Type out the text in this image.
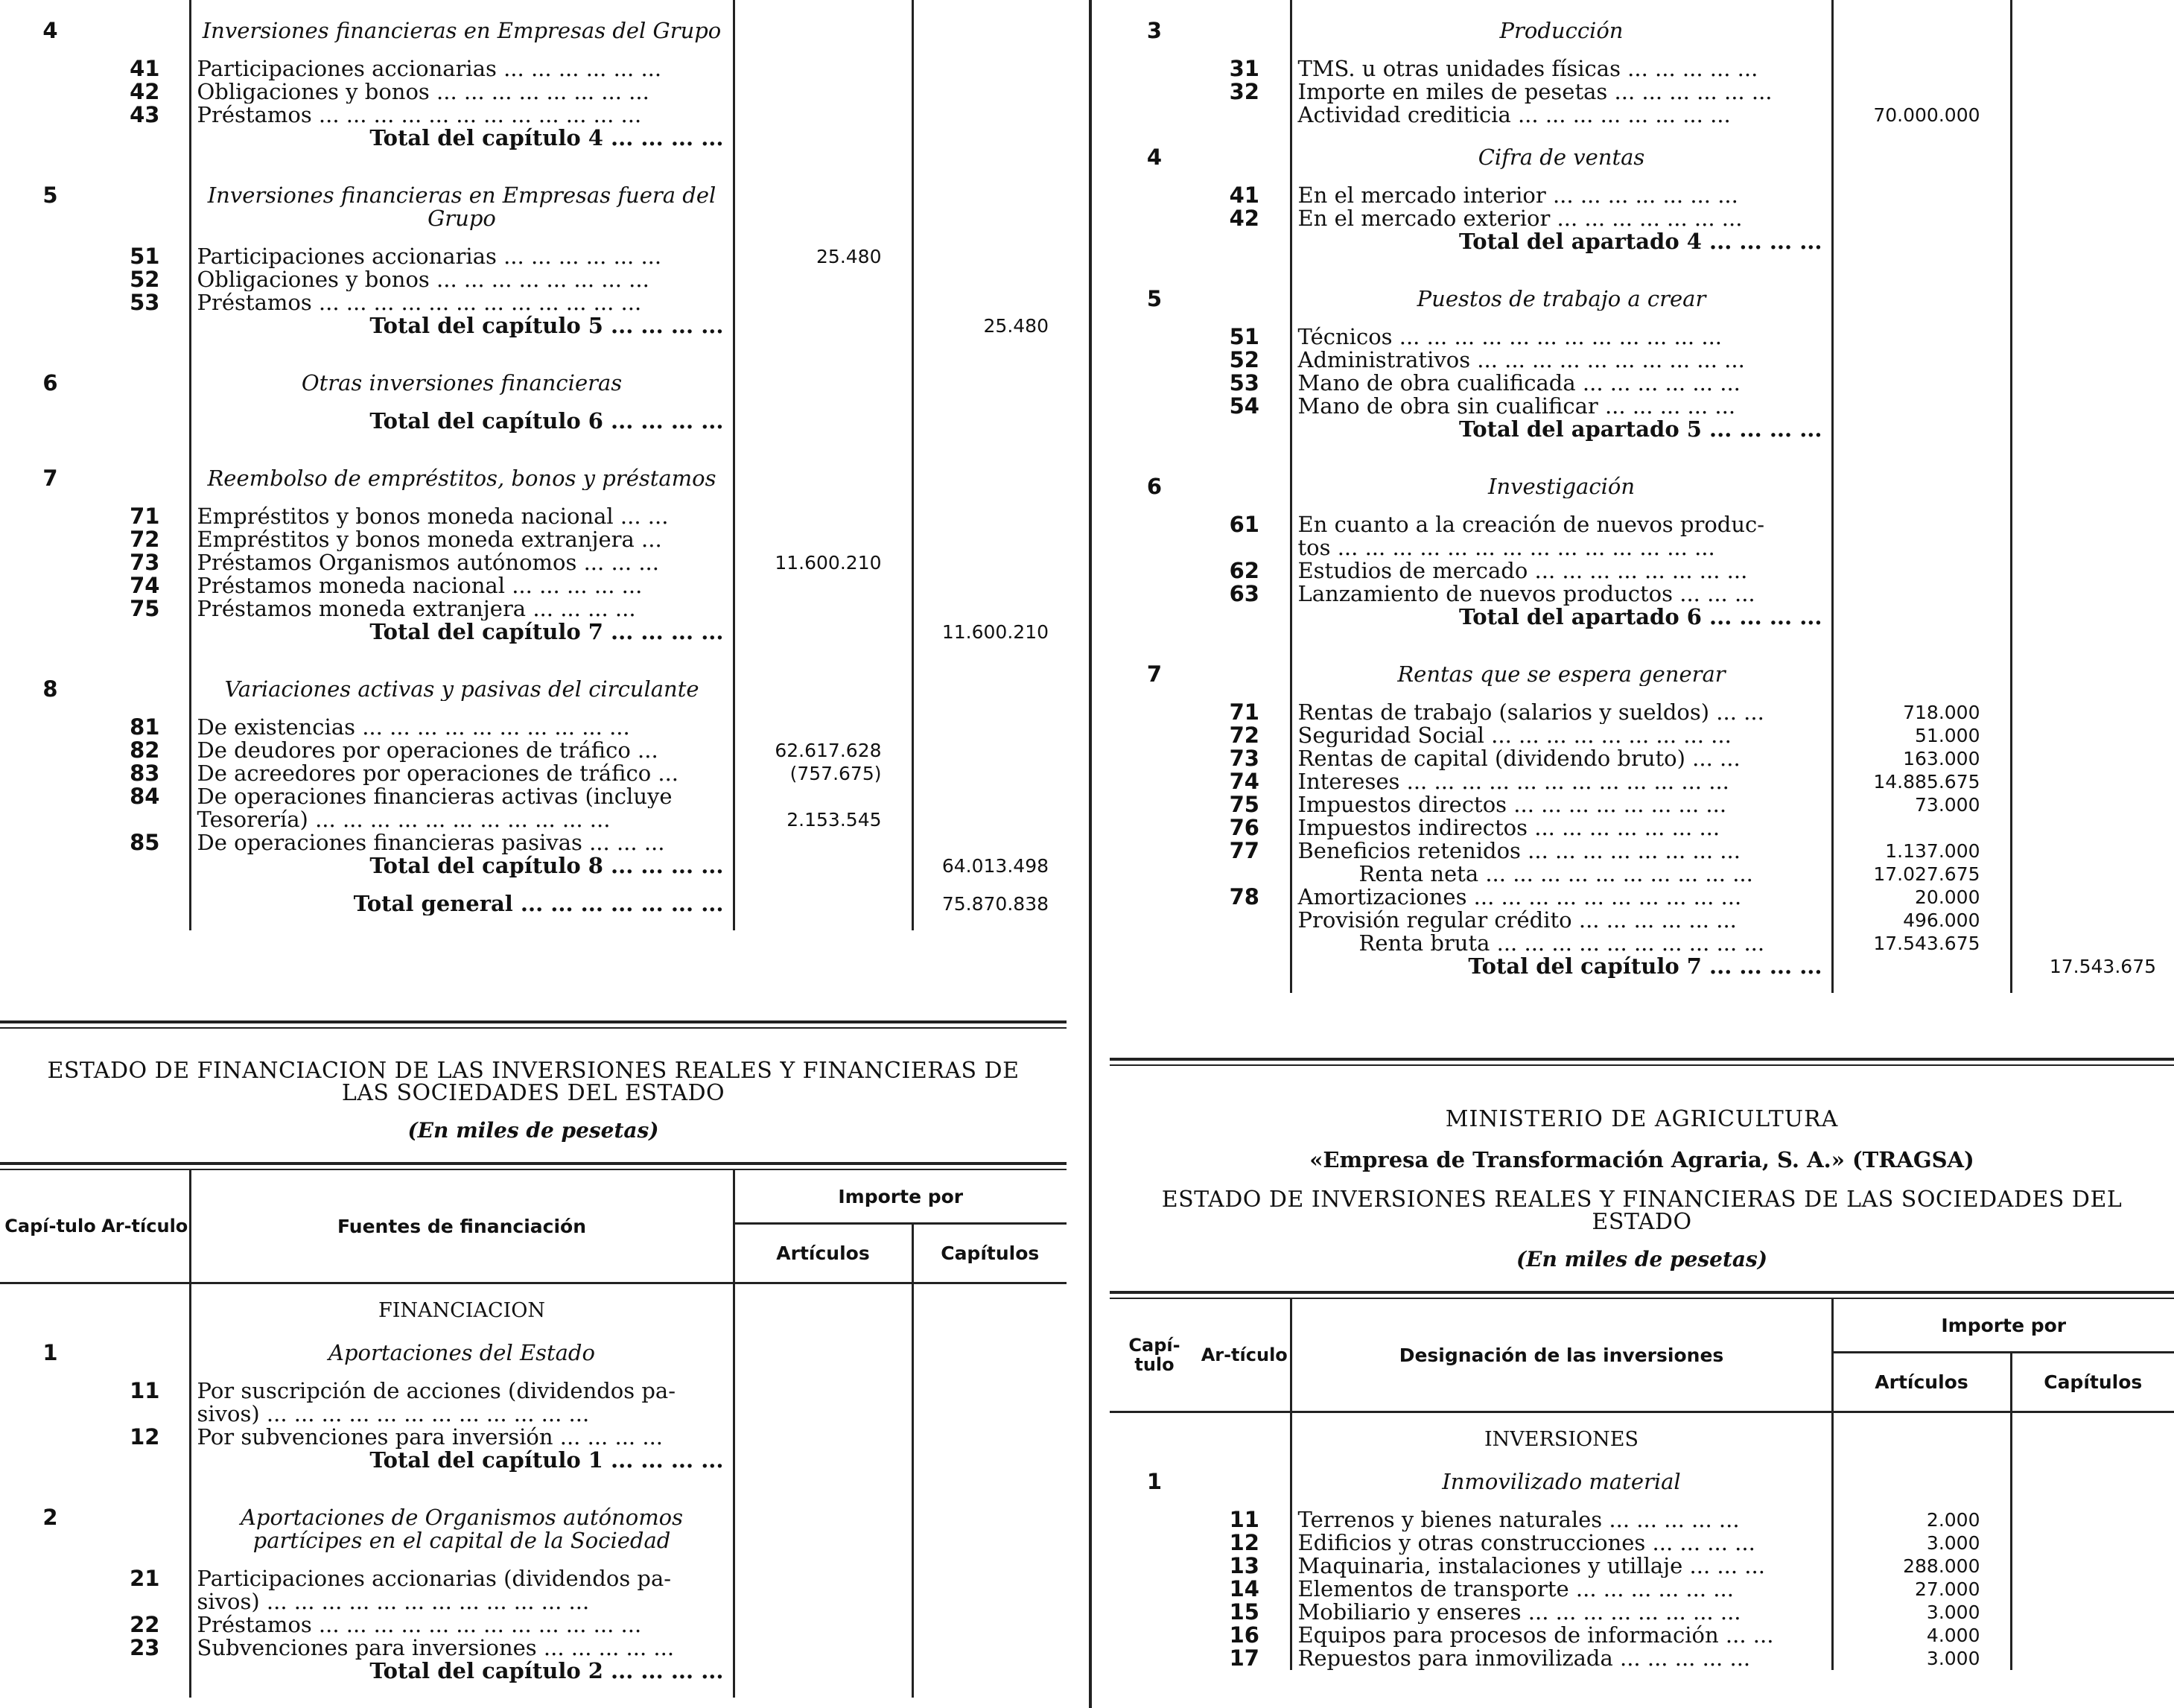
4		Inversiones financieras en Empresas del Grupo		

	41	Participaciones accionarias ... ... ... ... ... ...		
	42	Obligaciones y bonos ... ... ... ... ... ... ... ...		
	43	Préstamos ... ... ... ... ... ... ... ... ... ... ... ...		
		Total del capítulo 4 ... ... ... ...		

5		Inversiones financieras en Empresas fuera del Grupo		

	51	Participaciones accionarias ... ... ... ... ... ...	25.480	
	52	Obligaciones y bonos ... ... ... ... ... ... ... ...		
	53	Préstamos ... ... ... ... ... ... ... ... ... ... ... ...		
		Total del capítulo 5 ... ... ... ...		25.480

6		Otras inversiones financieras		

		Total del capítulo 6 ... ... ... ...		

7		Reembolso de empréstitos, bonos y préstamos		

	71	Empréstitos y bonos moneda nacional ... ...		
	72	Empréstitos y bonos moneda extranjera ...		
	73	Préstamos Organismos autónomos ... ... ...	11.600.210	
	74	Préstamos moneda nacional ... ... ... ... ...		
	75	Préstamos moneda extranjera ... ... ... ...		
		Total del capítulo 7 ... ... ... ...		11.600.210

8		Variaciones activas y pasivas del circulante		

	81	De existencias ... ... ... ... ... ... ... ... ... ...		
	82	De deudores por operaciones de tráfico ...	62.617.628	
	83	De acreedores por operaciones de tráfico ...	(757.675)	
	84	De operaciones financieras activas (incluye		
		Tesorería) ... ... ... ... ... ... ... ... ... ... ...	2.153.545	
	85	De operaciones financieras pasivas ... ... ...		
		Total del capítulo 8 ... ... ... ...		64.013.498

		Total general ... ... ... ... ... ... ...		75.870.838

ESTADO DE FINANCIACION DE LAS INVERSIONES REALES Y FINANCIERAS DE LAS SOCIEDADES DEL ESTADO
(En miles de pesetas)
Capí-tulo	Ar-tículo	Fuentes de financiación	Importe por	
			Artículos	Capítulos

		FINANCIACION		

1		Aportaciones del Estado		

	11	Por suscripción de acciones (dividendos pa-		
		sivos) ... ... ... ... ... ... ... ... ... ... ... ...		
	12	Por subvenciones para inversión ... ... ... ...		
		Total del capítulo 1 ... ... ... ...		

2		Aportaciones de Organismos autónomos partícipes en el capital de la Sociedad		

	21	Participaciones accionarias (dividendos pa-		
		sivos) ... ... ... ... ... ... ... ... ... ... ... ...		
	22	Préstamos ... ... ... ... ... ... ... ... ... ... ... ...		
	23	Subvenciones para inversiones ... ... ... ... ...		
		Total del capítulo 2 ... ... ... ...		

3		Producción		

	31	TMS. u otras unidades físicas ... ... ... ... ...		
	32	Importe en miles de pesetas ... ... ... ... ... ...		
		Actividad crediticia ... ... ... ... ... ... ... ...	70.000.000	

4		Cifra de ventas		

	41	En el mercado interior ... ... ... ... ... ... ...		
	42	En el mercado exterior ... ... ... ... ... ... ...		
		Total del apartado 4 ... ... ... ...		

5		Puestos de trabajo a crear		

	51	Técnicos ... ... ... ... ... ... ... ... ... ... ... ...		
	52	Administrativos ... ... ... ... ... ... ... ... ... ...		
	53	Mano de obra cualificada ... ... ... ... ... ...		
	54	Mano de obra sin cualificar ... ... ... ... ...		
		Total del apartado 5 ... ... ... ...		

6		Investigación		

	61	En cuanto a la creación de nuevos produc-		
		tos ... ... ... ... ... ... ... ... ... ... ... ... ... ...		
	62	Estudios de mercado ... ... ... ... ... ... ... ...		
	63	Lanzamiento de nuevos productos ... ... ...		
		Total del apartado 6 ... ... ... ...		

7		Rentas que se espera generar		

	71	Rentas de trabajo (salarios y sueldos) ... ...	718.000	
	72	Seguridad Social ... ... ... ... ... ... ... ... ...	51.000	
	73	Rentas de capital (dividendo bruto) ... ...	163.000	
	74	Intereses ... ... ... ... ... ... ... ... ... ... ... ...	14.885.675	
	75	Impuestos directos ... ... ... ... ... ... ... ...	73.000	
	76	Impuestos indirectos ... ... ... ... ... ... ...		
	77	Beneficios retenidos ... ... ... ... ... ... ... ...	1.137.000	
		Renta neta ... ... ... ... ... ... ... ... ... ...	17.027.675	
	78	Amortizaciones ... ... ... ... ... ... ... ... ... ...	20.000	
		Provisión regular crédito ... ... ... ... ... ...	496.000	
		Renta bruta ... ... ... ... ... ... ... ... ... ...	17.543.675	
		Total del capítulo 7 ... ... ... ...		17.543.675

MINISTERIO DE AGRICULTURA
«Empresa de Transformación Agraria, S. A.» (TRAGSA)
ESTADO DE INVERSIONES REALES Y FINANCIERAS DE LAS SOCIEDADES DEL ESTADO
(En miles de pesetas)
Capí-tulo	Ar-tículo	Designación de las inversiones	Importe por	
			Artículos	Capítulos

		INVERSIONES		

1		Inmovilizado material		

	11	Terrenos y bienes naturales ... ... ... ... ...	2.000	
	12	Edificios y otras construcciones ... ... ... ...	3.000	
	13	Maquinaria, instalaciones y utillaje ... ... ...	288.000	
	14	Elementos de transporte ... ... ... ... ... ...	27.000	
	15	Mobiliario y enseres ... ... ... ... ... ... ... ...	3.000	
	16	Equipos para procesos de información ... ...	4.000	
	17	Repuestos para inmovilizada ... ... ... ... ...	3.000	
